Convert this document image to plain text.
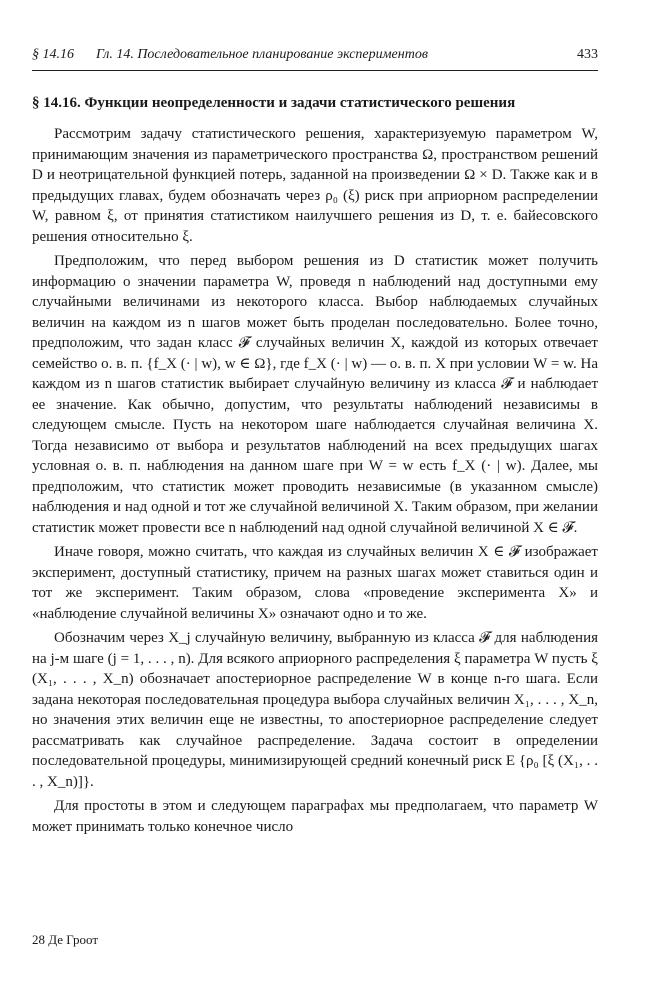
§ 14.16 Гл. 14. Последовательное планирование экспериментов	433
§ 14.16. Функции неопределенности и задачи статистического решения

Рассмотрим задачу статистического решения, характеризуемую параметром W, принимающим значения из параметрического пространства Ω, пространством решений D и неотрицательной функцией потерь, заданной на произведении Ω × D. Также как и в предыдущих главах, будем обозначать через ρ₀ (ξ) риск при априорном распределении W, равном ξ, от принятия статистиком наилучшего решения из D, т. е. байесовского решения относительно ξ.

Предположим, что перед выбором решения из D статистик может получить информацию о значении параметра W, проведя n наблюдений над доступными ему случайными величинами из некоторого класса. Выбор наблюдаемых случайных величин на каждом из n шагов может быть проделан последовательно. Более точно, предположим, что задан класс 𝓕 случайных величин X, каждой из которых отвечает семейство о. в. п. {f_X (· | w), w ∈ Ω}, где f_X (· | w) — о. в. п. X при условии W = w. На каждом из n шагов статистик выбирает случайную величину из класса 𝓕 и наблюдает ее значение. Как обычно, допустим, что результаты наблюдений независимы в следующем смысле. Пусть на некотором шаге наблюдается случайная величина X. Тогда независимо от выбора и результатов наблюдений на всех предыдущих шагах условная о. в. п. наблюдения на данном шаге при W = w есть f_X (· | w). Далее, мы предположим, что статистик может проводить независимые (в указанном смысле) наблюдения и над одной и тот же случайной величиной X. Таким образом, при желании статистик может провести все n наблюдений над одной случайной величиной X ∈ 𝓕.

Иначе говоря, можно считать, что каждая из случайных величин X ∈ 𝓕 изображает эксперимент, доступный статистику, причем на разных шагах может ставиться один и тот же эксперимент. Таким образом, слова «проведение эксперимента X» и «наблюдение случайной величины X» означают одно и то же.

Обозначим через X_j случайную величину, выбранную из класса 𝓕 для наблюдения на j-м шаге (j = 1, . . . , n). Для всякого априорного распределения ξ параметра W пусть ξ (X₁, . . . , X_n) обозначает апостериорное распределение W в конце n-го шага. Если задана некоторая последовательная процедура выбора случайных величин X₁, . . . , X_n, но значения этих величин еще не известны, то апостериорное распределение следует рассматривать как случайное распределение. Задача состоит в определении последовательной процедуры, минимизирующей средний конечный риск E {ρ₀ [ξ (X₁, . . . , X_n)]}.

Для простоты в этом и следующем параграфах мы предполагаем, что параметр W может принимать только конечное число

28 Де Гроот
